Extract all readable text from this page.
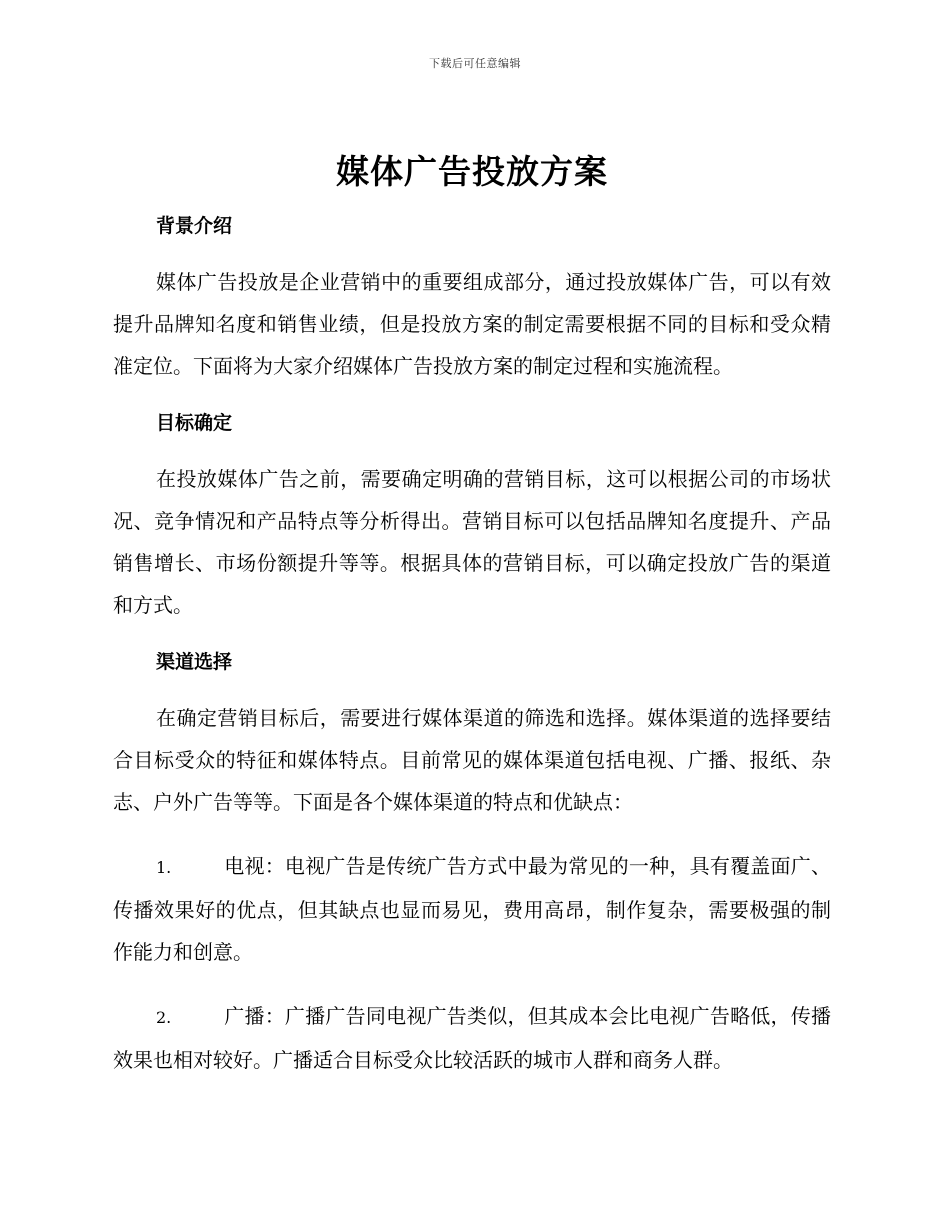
下载后可任意编辑
媒体广告投放方案
背景介绍

媒体广告投放是企业营销中的重要组成部分，通过投放媒体广告，可以有效提升品牌知名度和销售业绩，但是投放方案的制定需要根据不同的目标和受众精准定位。下面将为大家介绍媒体广告投放方案的制定过程和实施流程。

目标确定

在投放媒体广告之前，需要确定明确的营销目标，这可以根据公司的市场状况、竞争情况和产品特点等分析得出。营销目标可以包括品牌知名度提升、产品销售增长、市场份额提升等等。根据具体的营销目标，可以确定投放广告的渠道和方式。

渠道选择

在确定营销目标后，需要进行媒体渠道的筛选和选择。媒体渠道的选择要结合目标受众的特征和媒体特点。目前常见的媒体渠道包括电视、广播、报纸、杂志、户外广告等等。下面是各个媒体渠道的特点和优缺点：

1.	电视：电视广告是传统广告方式中最为常见的一种，具有覆盖面广、传播效果好的优点，但其缺点也显而易见，费用高昂，制作复杂，需要极强的制作能力和创意。

2.	广播：广播广告同电视广告类似，但其成本会比电视广告略低，传播效果也相对较好。广播适合目标受众比较活跃的城市人群和商务人群。
